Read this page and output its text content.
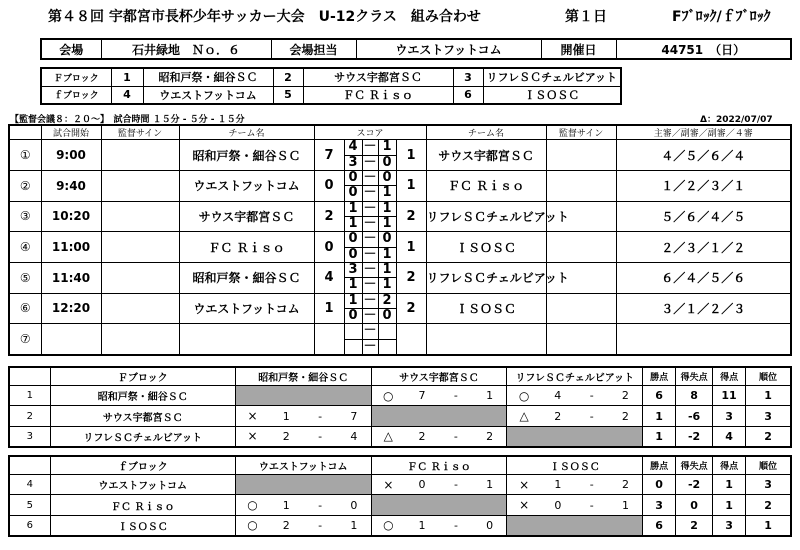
第４８回 宇都宮市長杯少年サッカー大会　U-12クラス　組み合わせ	第１日	Fﾌﾞﾛｯｸ/ｆﾌﾞﾛｯｸ
会場	石井緑地　Ｎｏ．６	会場担当	ウエストフットコム	開催日	44751　（日）
Ｆブロック	1	昭和戸祭・細谷ＳＣ	2	サウス宇都宮ＳＣ	3	リフレＳＣチェルビアット
ｆブロック	4	ウエストフットコム	5	ＦＣ Ｒｉｓｏ	6	ＩＳＯＳＣ
【監督会議８：２０～】　試合時間 １５分 - ５分 - １５分	Δ：2022/07/07
	試合開始	監督サイン	チーム名	スコア					チーム名	監督サイン	主審／副審／副審／４審
①	9:00		昭和戸祭・細谷ＳＣ	7	4	－	1	1	サウス宇都宮ＳＣ		４／５／６／４
					3	－	0				
②	9:40		ウエストフットコム	0	0	－	0	1	ＦＣ Ｒｉｓｏ		１／２／３／１
					0	－	1				
③	10:20		サウス宇都宮ＳＣ	2	1	－	1	2	リフレＳＣチェルビアット		５／６／４／５
					1	－	1				
④	11:00		ＦＣ Ｒｉｓｏ	0	0	－	0	1	ＩＳＯＳＣ		２／３／１／２
					0	－	1				
⑤	11:40		昭和戸祭・細谷ＳＣ	4	3	－	1	2	リフレＳＣチェルビアット		６／４／５／６
					1	－	1				
⑥	12:20		ウエストフットコム	1	1	－	2	2	ＩＳＯＳＣ		３／１／２／３
					0	－	0				
⑦						－					
						－					
	Ｆブロック	昭和戸祭・細谷ＳＣ				サウス宇都宮ＳＣ				リフレＳＣチェルビアット				勝点	得失点	得点	順位
1	昭和戸祭・細谷ＳＣ					○	7	-	1	○	4	-	2	6	8	11	1
2	サウス宇都宮ＳＣ	×	1	-	7					△	2	-	2	1	-6	3	3
3	リフレＳＣチェルビアット	×	2	-	4	△	2	-	2					1	-2	4	2
	ｆブロック	ウエストフットコム				ＦＣ Ｒｉｓｏ				ＩＳＯＳＣ				勝点	得失点	得点	順位
4	ウエストフットコム					×	0	-	1	×	1	-	2	0	-2	1	3
5	ＦＣ Ｒｉｓｏ	○	1	-	0					×	0	-	1	3	0	1	2
6	ＩＳＯＳＣ	○	2	-	1	○	1	-	0					6	2	3	1
